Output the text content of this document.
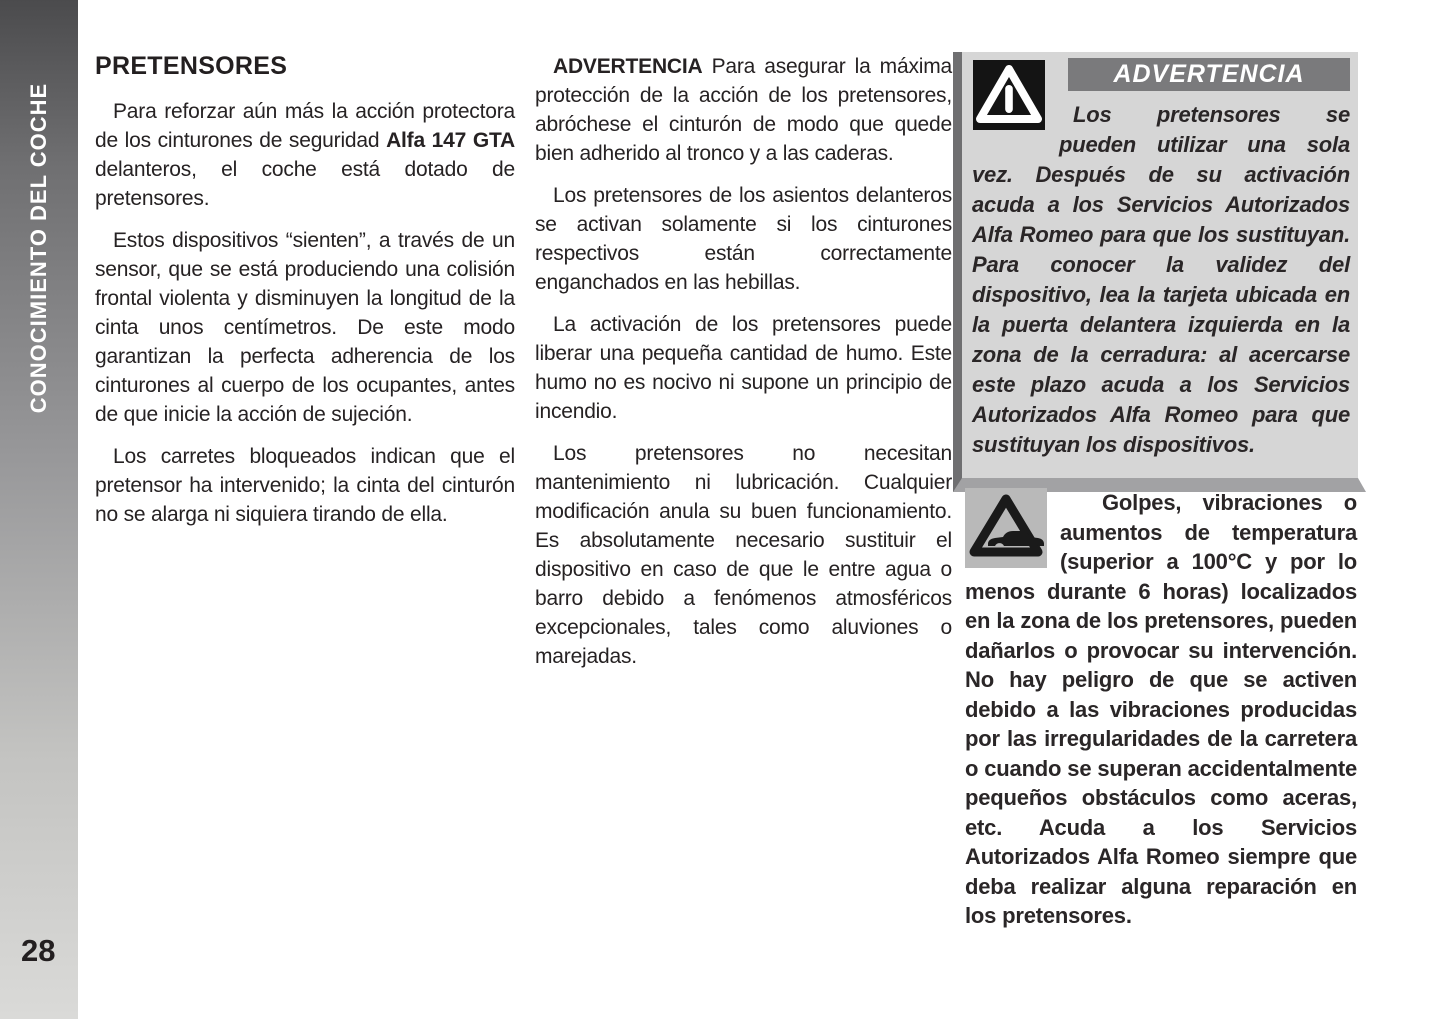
CONOCIMIENTO DEL COCHE
28
PRETENSORES

Para reforzar aún más la acción protectora de los cinturones de seguridad Alfa 147 GTA delanteros, el coche está dotado de pretensores.

Estos dispositivos “sienten”, a través de un sensor, que se está produciendo una colisión frontal violenta y disminuyen la longitud de la cinta unos centímetros. De este modo garantizan la perfecta adherencia de los cinturones al cuerpo de los ocupantes, antes de que inicie la acción de sujeción.

Los carretes bloqueados indican que el pretensor ha intervenido; la cinta del cinturón no se alarga ni siquiera tirando de ella.

ADVERTENCIA Para asegurar la máxima protección de la acción de los pretensores, abróchese el cinturón de modo que quede bien adherido al tronco y a las caderas.

Los pretensores de los asientos delanteros se activan solamente si los cinturones respectivos están correctamente enganchados en las hebillas.

La activación de los pretensores puede liberar una pequeña cantidad de humo. Este humo no es nocivo ni supone un principio de incendio.

Los pretensores no necesitan mantenimiento ni lubricación. Cualquier modificación anula su buen funcionamiento. Es absolutamente necesario sustituir el dispositivo en caso de que le entre agua o barro debido a fenómenos atmosféricos excepcionales, tales como aluviones o marejadas.

ADVERTENCIA

Los pretensores se pueden utilizar una sola vez. Después de su activación acuda a los Servicios Autorizados Alfa Romeo para que los sustituyan. Para conocer la validez del dispositivo, lea la tarjeta ubicada en la puerta delantera izquierda en la zona de la cerradura: al acercarse este plazo acuda a los Servicios Autorizados Alfa Romeo para que sustituyan los dispositivos.

Golpes, vibraciones o aumentos de temperatura (superior a 100°C y por lo menos durante 6 horas) localizados en la zona de los pretensores, pueden dañarlos o provocar su intervención. No hay peligro de que se activen debido a las vibraciones producidas por las irregularidades de la carretera o cuando se superan accidentalmente pequeños obstáculos como aceras, etc. Acuda a los Servicios Autorizados Alfa Romeo siempre que deba realizar alguna reparación en los pretensores.
